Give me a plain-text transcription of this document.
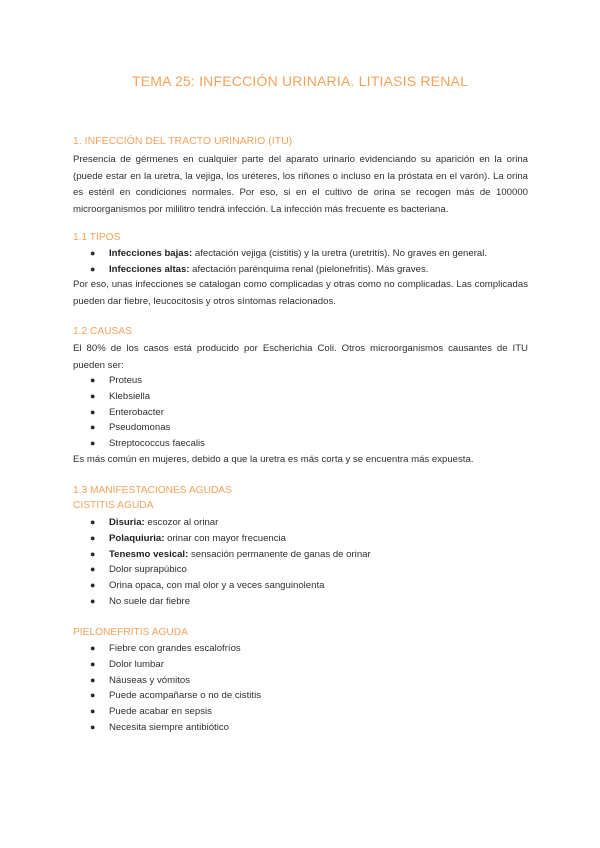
TEMA 25: INFECCIÓN URINARIA. LITIASIS RENAL
1. INFECCIÓN DEL TRACTO URINARIO (ITU)
Presencia de gérmenes en cualquier parte del aparato urinario evidenciando su aparición en la orina (puede estar en la uretra, la vejiga, los uréteres, los riñones o incluso en la próstata en el varón). La orina es estéril en condiciones normales. Por eso, si en el cultivo de orina se recogen más de 100000 microorganismos por mililitro tendrá infección. La infección más frecuente es bacteriana.
1.1 TIPOS
● Infecciones bajas: afectación vejiga (cistitis) y la uretra (uretritis). No graves en general.
● Infecciones altas: afectación parénquima renal (pielonefritis). Más graves.
Por eso, unas infecciones se catalogan como complicadas y otras como no complicadas. Las complicadas pueden dar fiebre, leucocitosis y otros síntomas relacionados.
1.2 CAUSAS
El 80% de los casos está producido por Escherichia Coli. Otros microorganismos causantes de ITU pueden ser:
● Proteus
● Klebsiella
● Enterobacter
● Pseudomonas
● Streptococcus faecalis
Es más común en mujeres, debido a que la uretra es más corta y se encuentra más expuesta.
1.3 MANIFESTACIONES AGUDAS
CISTITIS AGUDA
● Disuria: escozor al orinar
● Polaquiuria: orinar con mayor frecuencia
● Tenesmo vesical: sensación permanente de ganas de orinar
● Dolor suprapúbico
● Orina opaca, con mal olor y a veces sanguinolenta
● No suele dar fiebre
PIELONEFRITIS AGUDA
● Fiebre con grandes escalofríos
● Dolor lumbar
● Náuseas y vómitos
● Puede acompañarse o no de cistitis
● Puede acabar en sepsis
● Necesita siempre antibiótico
